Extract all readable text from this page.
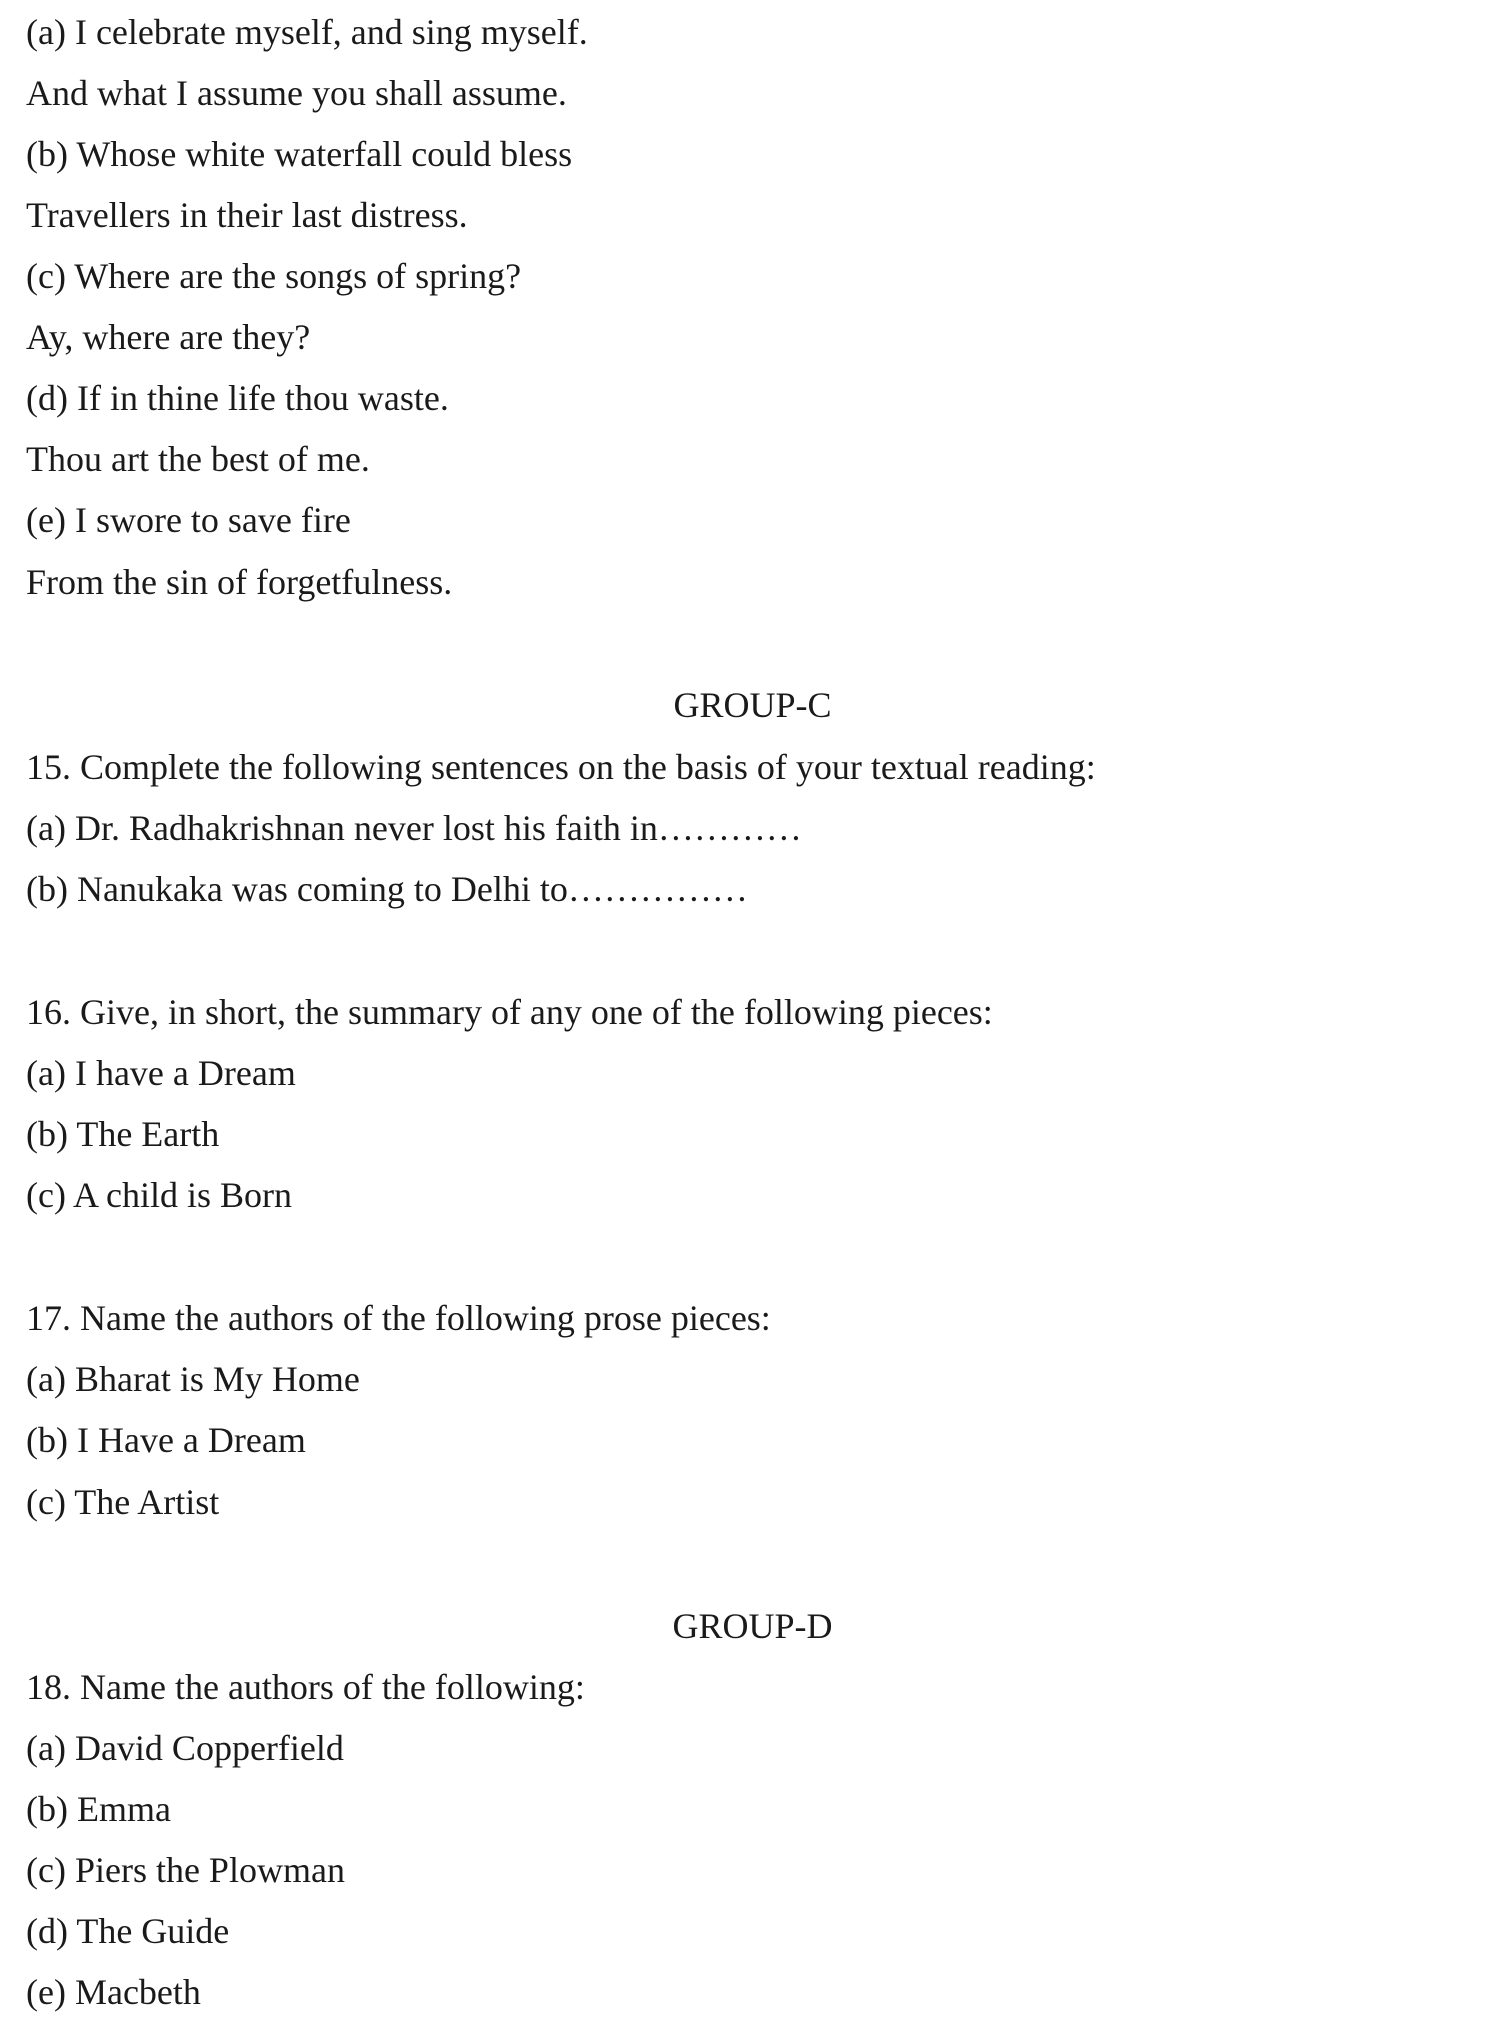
(a) I celebrate myself, and sing myself.
And what I assume you shall assume.
(b) Whose white waterfall could bless
Travellers in their last distress.
(c) Where are the songs of spring?
Ay, where are they?
(d) If in thine life thou waste.
Thou art the best of me.
(e) I swore to save fire
From the sin of forgetfulness.
GROUP-C
15. Complete the following sentences on the basis of your textual reading:
(a) Dr. Radhakrishnan never lost his faith in…………
(b) Nanukaka was coming to Delhi to……………
16. Give, in short, the summary of any one of the following pieces:
(a) I have a Dream
(b) The Earth
(c) A child is Born
17. Name the authors of the following prose pieces:
(a) Bharat is My Home
(b) I Have a Dream
(c) The Artist
GROUP-D
18. Name the authors of the following:
(a) David Copperfield
(b) Emma
(c) Piers the Plowman
(d) The Guide
(e) Macbeth
